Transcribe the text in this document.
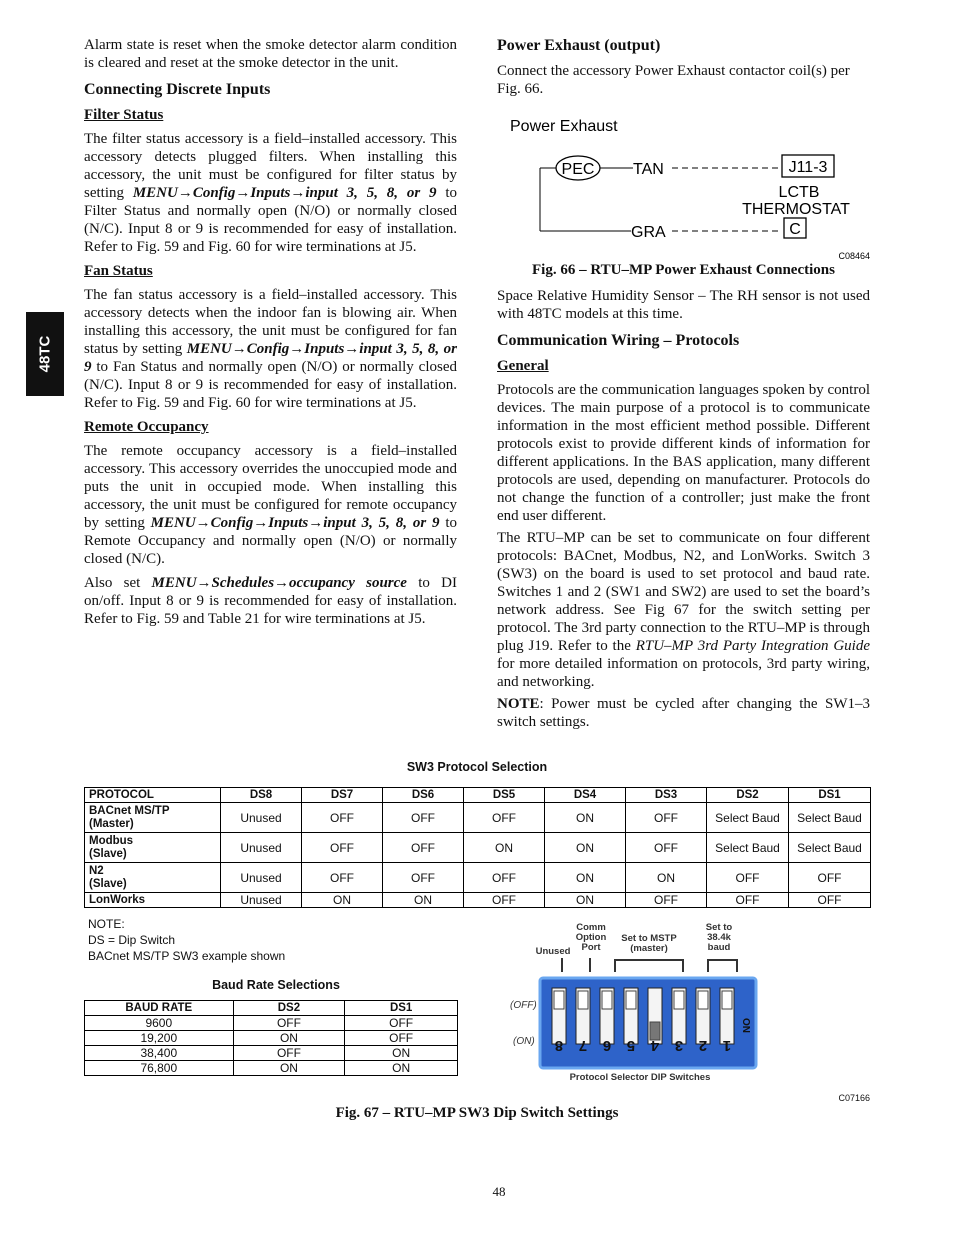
48TC

Alarm state is reset when the smoke detector alarm condition is cleared and reset at the smoke detector in the unit.

Connecting Discrete Inputs
Filter Status

The filter status accessory is a field–installed accessory. This accessory detects plugged filters. When installing this accessory, the unit must be configured for filter status by setting MENU→Config→Inputs→input 3, 5, 8, or 9 to Filter Status and normally open (N/O) or normally closed (N/C). Input 8 or 9 is recommended for easy of installation. Refer to Fig. 59 and Fig. 60 for wire terminations at J5.

Fan Status

The fan status accessory is a field–installed accessory. This accessory detects when the indoor fan is blowing air. When installing this accessory, the unit must be configured for fan status by setting MENU→Config→Inputs→input 3, 5, 8, or 9 to Fan Status and normally open (N/O) or normally closed (N/C). Input 8 or 9 is recommended for easy of installation. Refer to Fig. 59 and Fig. 60 for wire terminations at J5.

Remote Occupancy

The remote occupancy accessory is a field–installed accessory. This accessory overrides the unoccupied mode and puts the unit in occupied mode. When installing this accessory, the unit must be configured for remote occupancy by setting MENU→Config→Inputs→input 3, 5, 8, or 9 to Remote Occupancy and normally open (N/O) or normally closed (N/C).

Also set MENU→Schedules→occupancy source to DI on/off. Input 8 or 9 is recommended for easy of installation. Refer to Fig. 59 and Table 21 for wire terminations at J5.

Power Exhaust (output)

Connect the accessory Power Exhaust contactor coil(s) per Fig. 66.

Power Exhaust
PEC TAN	J11-3
LCTB
THERMOSTAT
GRA	C
C08464
Fig. 66 – RTU–MP Power Exhaust Connections

Space Relative Humidity Sensor – The RH sensor is not used with 48TC models at this time.

Communication Wiring – Protocols
General

Protocols are the communication languages spoken by control devices. The main purpose of a protocol is to communicate information in the most efficient method possible. Different protocols exist to provide different kinds of information for different applications. In the BAS application, many different protocols are used, depending on manufacturer. Protocols do not change the function of a controller; just make the front end user different.

The RTU–MP can be set to communicate on four different protocols: BACnet, Modbus, N2, and LonWorks. Switch 3 (SW3) on the board is used to set protocol and baud rate. Switches 1 and 2 (SW1 and SW2) are used to set the board’s network address. See Fig 67 for the switch setting per protocol. The 3rd party connection to the RTU–MP is through plug J19. Refer to the RTU–MP 3rd Party Integration Guide for more detailed information on protocols, 3rd party wiring, and networking.

NOTE: Power must be cycled after changing the SW1–3 switch settings.

SW3 Protocol Selection
PROTOCOL	DS8	DS7	DS6	DS5	DS4	DS3	DS2	DS1
BACnet MS/TP
(Master)	Unused	OFF	OFF	OFF	ON	OFF	Select Baud	Select Baud
Modbus
(Slave)	Unused	OFF	OFF	ON	ON	OFF	Select Baud	Select Baud
N2
(Slave)	Unused	OFF	OFF	OFF	ON	ON	OFF	OFF
LonWorks	Unused	ON	ON	OFF	ON	OFF	OFF	OFF
NOTE:
DS = Dip Switch
BACnet MS/TP SW3 example shown
Baud Rate Selections
BAUD RATE	DS2	DS1
9600	OFF	OFF
19,200	ON	OFF
38,400	OFF	ON
76,800	ON	ON
Unused
Comm Option Port
Set to MSTP (master)
Set to 38.4k baud
(OFF)
(ON) 8 7 6 5 4 3 2 1
ON
Protocol Selector DIP Switches
C07166
Fig. 67 – RTU–MP SW3 Dip Switch Settings
48
